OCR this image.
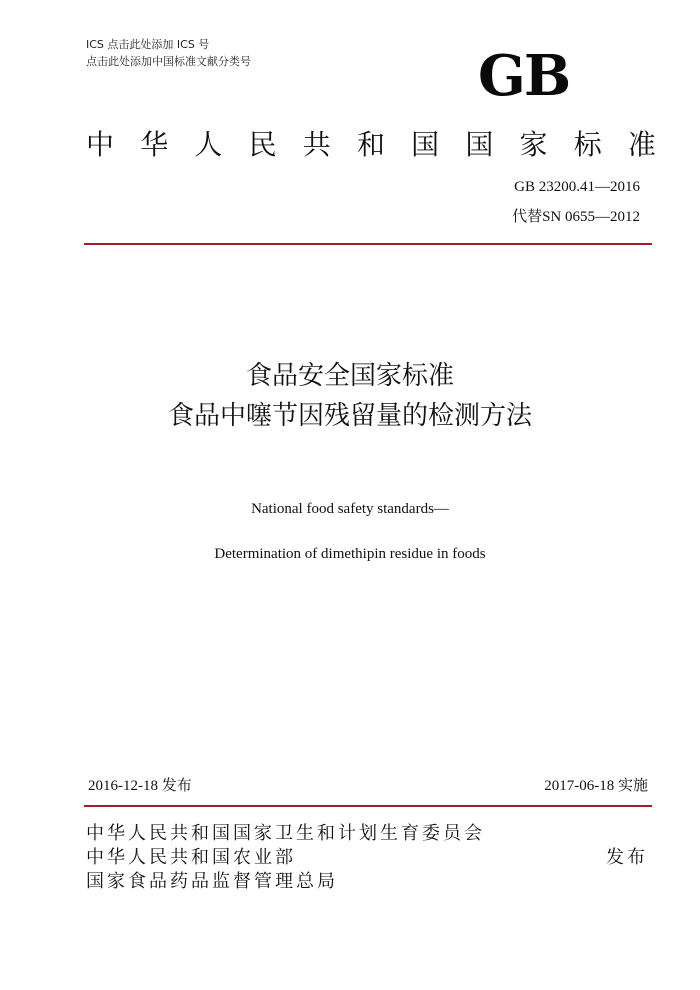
ICS 点击此处添加 ICS 号
点击此处添加中国标准文献分类号	GB
中 华 人 民 共 和 国 国 家 标 准
GB 23200.41—2016
代替SN 0655—2012
食品安全国家标准
食品中噻节因残留量的检测方法
National food safety standards—
Determination of dimethipin residue in foods
2016-12-18 发布	2017-06-18 实施
中华人民共和国国家卫生和计划生育委员会
中华人民共和国农业部
国家食品药品监督管理总局
发布
